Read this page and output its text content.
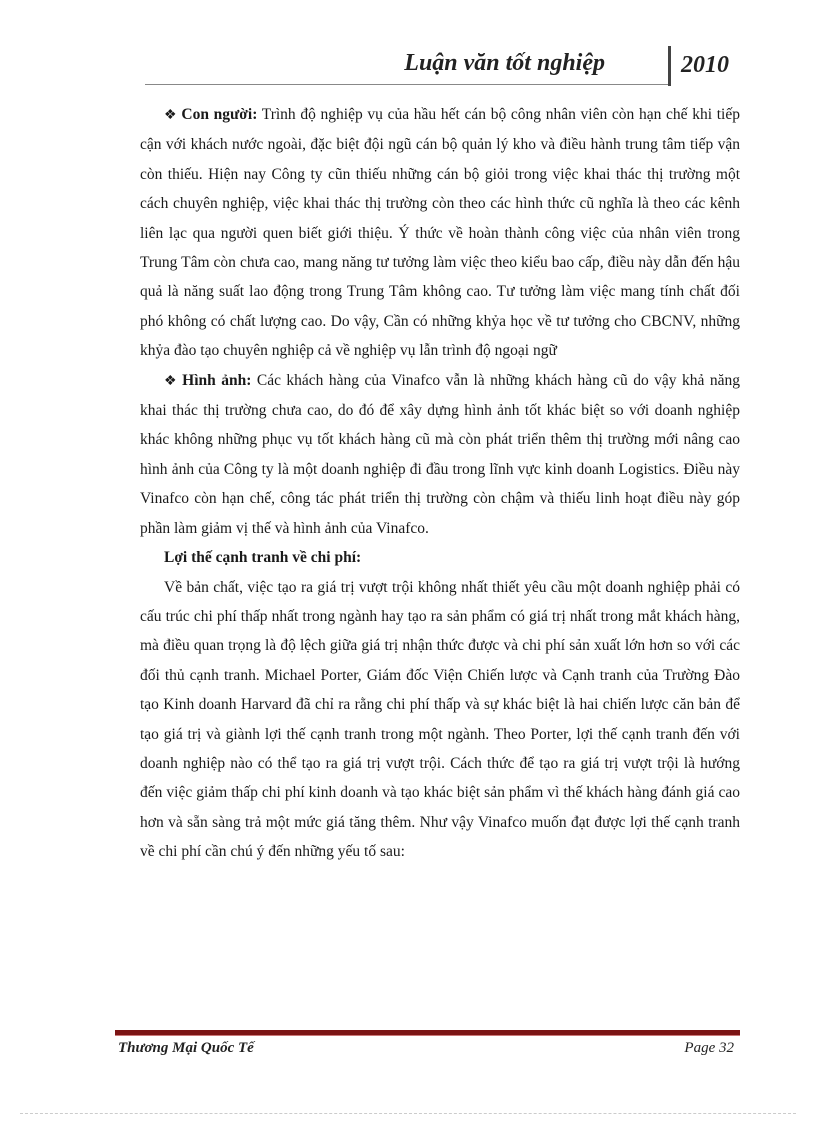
Luận văn tốt nghiệp	2010

❖ Con người: Trình độ nghiệp vụ của hầu hết cán bộ công nhân viên còn hạn chế khi tiếp cận với khách nước ngoài, đặc biệt đội ngũ cán bộ quản lý kho và điều hành trung tâm tiếp vận còn thiếu. Hiện nay Công ty cũn thiếu những cán bộ giỏi trong việc khai thác thị trường một cách chuyên nghiệp, việc khai thác thị trường còn theo các hình thức cũ nghĩa là theo các kênh liên lạc qua người quen biết giới thiệu. Ý thức về hoàn thành công việc của nhân viên trong Trung Tâm còn chưa cao, mang năng tư tưởng làm việc theo kiểu bao cấp, điều này dẫn đến hậu quả là năng suất lao động trong Trung Tâm không cao. Tư tưởng làm việc mang tính chất đối phó không có chất lượng cao. Do vậy, Cần có những khỷa học về tư tưởng cho CBCNV, những khỷa đào tạo chuyên nghiệp cả về nghiệp vụ lẫn trình độ ngoại ngữ

❖ Hình ảnh: Các khách hàng của Vinafco vẫn là những khách hàng cũ do vậy khả năng khai thác thị trường chưa cao, do đó để xây dựng hình ảnh tốt khác biệt so với doanh nghiệp khác không những phục vụ tốt khách hàng cũ mà còn phát triển thêm thị trường mới nâng cao hình ảnh của Công ty là một doanh nghiệp đi đầu trong lĩnh vực kinh doanh Logistics. Điều này Vinafco còn hạn chế, công tác phát triển thị trường còn chậm và thiếu linh hoạt điều này góp phần làm giảm vị thế và hình ảnh của Vinafco.

Lợi thế cạnh tranh về chi phí:

Về bản chất, việc tạo ra giá trị vượt trội không nhất thiết yêu cầu một doanh nghiệp phải có cấu trúc chi phí thấp nhất trong ngành hay tạo ra sản phẩm có giá trị nhất trong mắt khách hàng, mà điều quan trọng là độ lệch giữa giá trị nhận thức được và chi phí sản xuất lớn hơn so với các đối thủ cạnh tranh. Michael Porter, Giám đốc Viện Chiến lược và Cạnh tranh của Trường Đào tạo Kinh doanh Harvard đã chỉ ra rằng chi phí thấp và sự khác biệt là hai chiến lược căn bản để tạo giá trị và giành lợi thế cạnh tranh trong một ngành. Theo Porter, lợi thế cạnh tranh đến với doanh nghiệp nào có thể tạo ra giá trị vượt trội. Cách thức để tạo ra giá trị vượt trội là hướng đến việc giảm thấp chi phí kinh doanh và tạo khác biệt sản phẩm vì thế khách hàng đánh giá cao hơn và sẵn sàng trả một mức giá tăng thêm. Như vậy Vinafco muốn đạt được lợi thế cạnh tranh về chi phí cần chú ý đến những yếu tố sau:

Thương Mại Quốc Tế	Page 32
